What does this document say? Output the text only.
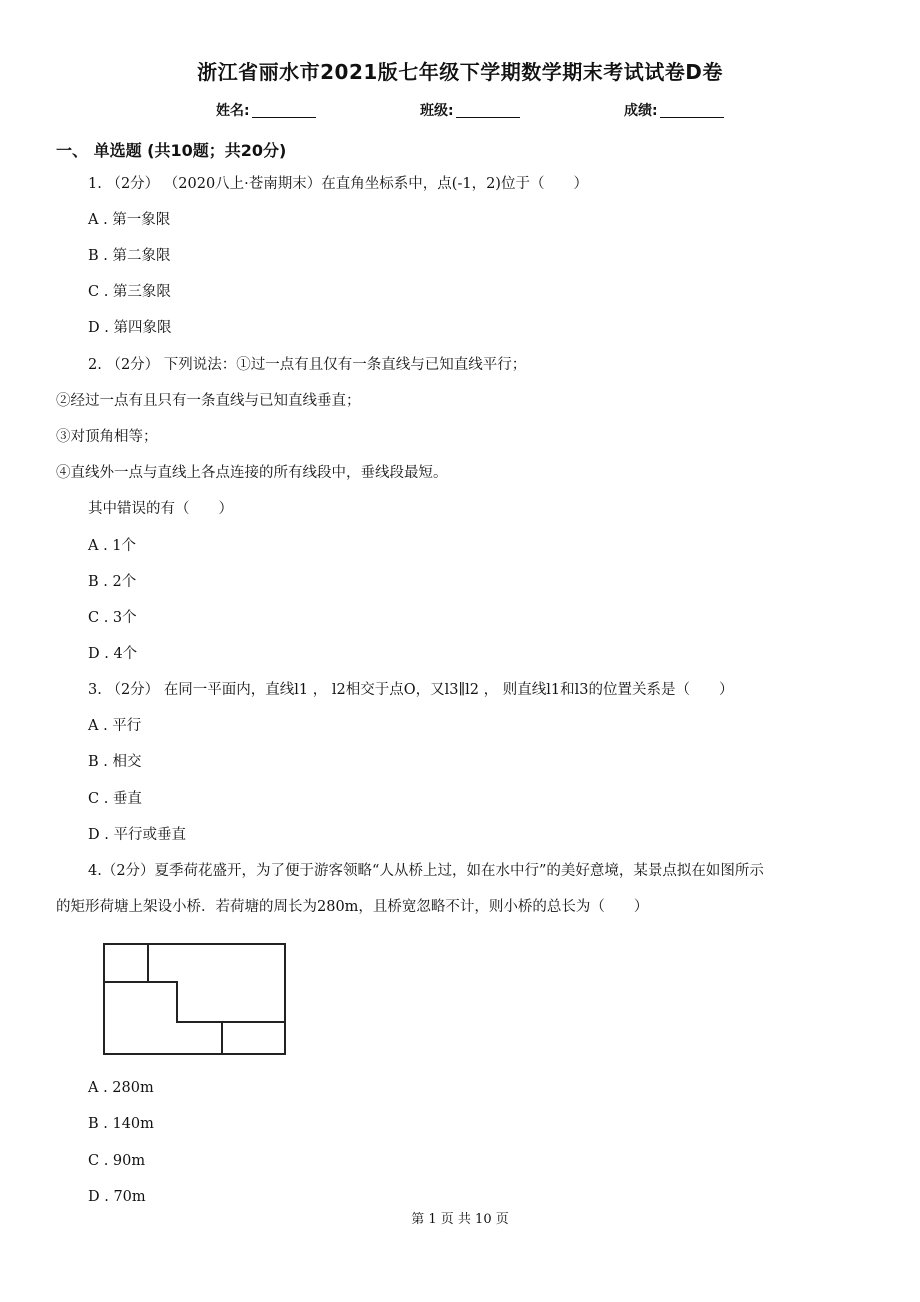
浙江省丽水市2021版七年级下学期数学期末考试试卷D卷
姓名:	班级:	成绩:
一、 单选题 (共10题；共20分)
1. （2分） （2020八上·苍南期末）在直角坐标系中，点(-1，2)位于（　　）
A . 第一象限
B . 第二象限
C . 第三象限
D . 第四象限
2. （2分） 下列说法：①过一点有且仅有一条直线与已知直线平行；
②经过一点有且只有一条直线与已知直线垂直；
③对顶角相等；
④直线外一点与直线上各点连接的所有线段中，垂线段最短。
其中错误的有（　　）
A . 1个
B . 2个
C . 3个
D . 4个
3. （2分） 在同一平面内，直线l1 ， l2相交于点O，又l3∥l2 ， 则直线l1和l3的位置关系是（　　）
A . 平行
B . 相交
C . 垂直
D . 平行或垂直
4.（2分）夏季荷花盛开，为了便于游客领略“人从桥上过，如在水中行”的美好意境，某景点拟在如图所示
的矩形荷塘上架设小桥．若荷塘的周长为280m，且桥宽忽略不计，则小桥的总长为（　　）
A . 280m
B . 140m
C . 90m
D . 70m
第 1 页 共 10 页
